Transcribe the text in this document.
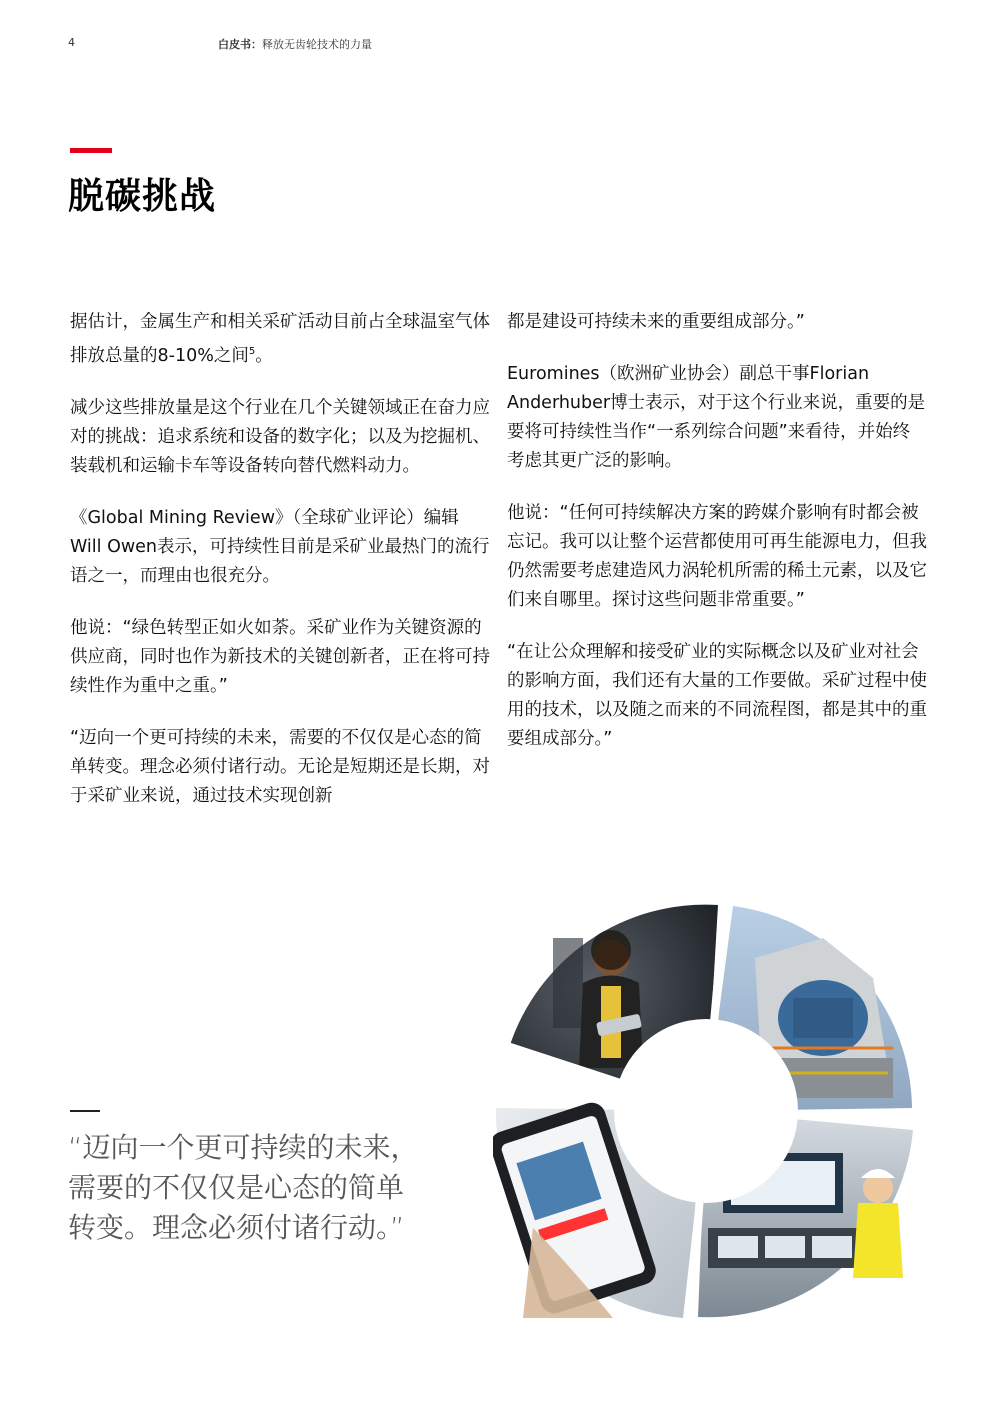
4	白皮书：释放无齿轮技术的力量
脱碳挑战

据估计，金属生产和相关采矿活动目前占全球温室气体排放总量的8-10%之间$^5$。

减少这些排放量是这个行业在几个关键领域正在奋力应对的挑战：追求系统和设备的数字化；以及为挖掘机、装载机和运输卡车等设备转向替代燃料动力。

《Global Mining Review》（全球矿业评论）编辑Will Owen表示，可持续性目前是采矿业最热门的流行语之一，而理由也很充分。

他说：“绿色转型正如火如荼。采矿业作为关键资源的供应商，同时也作为新技术的关键创新者，正在将可持续性作为重中之重。”

“迈向一个更可持续的未来，需要的不仅仅是心态的简单转变。理念必须付诸行动。无论是短期还是长期，对于采矿业来说，通过技术实现创新

都是建设可持续未来的重要组成部分。”

Euromines（欧洲矿业协会）副总干事Florian Anderhuber博士表示，对于这个行业来说，重要的是要将可持续性当作“一系列综合问题”来看待，并始终考虑其更广泛的影响。

他说：“任何可持续解决方案的跨媒介影响有时都会被忘记。我可以让整个运营都使用可再生能源电力，但我仍然需要考虑建造风力涡轮机所需的稀土元素，以及它们来自哪里。探讨这些问题非常重要。”

“在让公众理解和接受矿业的实际概念以及矿业对社会的影响方面，我们还有大量的工作要做。采矿过程中使用的技术，以及随之而来的不同流程图，都是其中的重要组成部分。”

“迈向一个更可持续的未来，
需要的不仅仅是心态的简单
转变。理念必须付诸行动。”
